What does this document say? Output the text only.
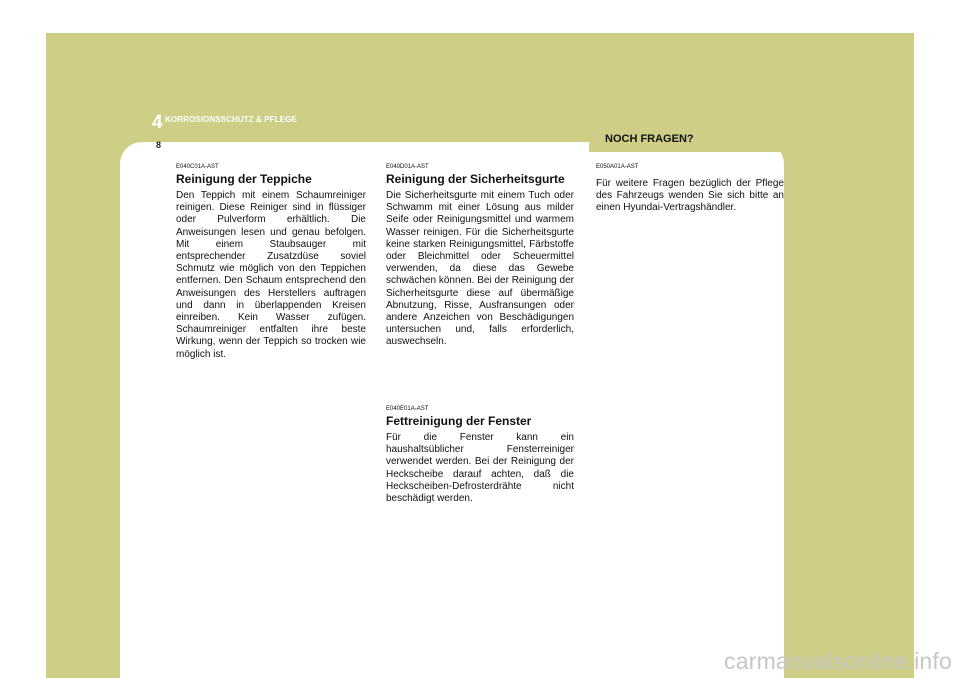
4 KORROSIONSSCHUTZ & PFLEGE
8	NOCH FRAGEN?

E040C01A-AST

Reinigung der Teppiche

Den Teppich mit einem Schaumreiniger reinigen. Diese Reiniger sind in flüssiger oder Pulverform erhältlich. Die Anweisungen lesen und genau befolgen. Mit einem Staubsauger mit entsprechender Zusatzdüse soviel Schmutz wie möglich von den Teppichen entfernen. Den Schaum entsprechend den Anweisungen des Herstellers auftragen und dann in überlappenden Kreisen einreiben. Kein Wasser zufügen. Schaumreiniger entfalten ihre beste Wirkung, wenn der Teppich so trocken wie möglich ist.

E040D01A-AST

Reinigung der Sicherheitsgurte

Die Sicherheitsgurte mit einem Tuch oder Schwamm mit einer Lösung aus milder Seife oder Reinigungsmittel und warmem Wasser reinigen. Für die Sicherheitsgurte keine starken Reinigungsmittel, Färbstoffe oder Bleichmittel oder Scheuermittel verwenden, da diese das Gewebe schwächen können. Bei der Reinigung der Sicherheitsgurte diese auf übermäßige Abnutzung, Risse, Ausfransungen oder andere Anzeichen von Beschädigungen untersuchen und, falls erforderlich, auswechseln.

E040E01A-AST

Fettreinigung der Fenster

Für die Fenster kann ein haushaltsüblicher Fensterreiniger verwendet werden. Bei der Reinigung der Heckscheibe darauf achten, daß die Heckscheiben-Defrosterdrähte nicht beschädigt werden.

E050A01A-AST

Für weitere Fragen bezüglich der Pflege des Fahrzeugs wenden Sie sich bitte an einen Hyundai-Vertragshändler.

carmanualsonline.info
